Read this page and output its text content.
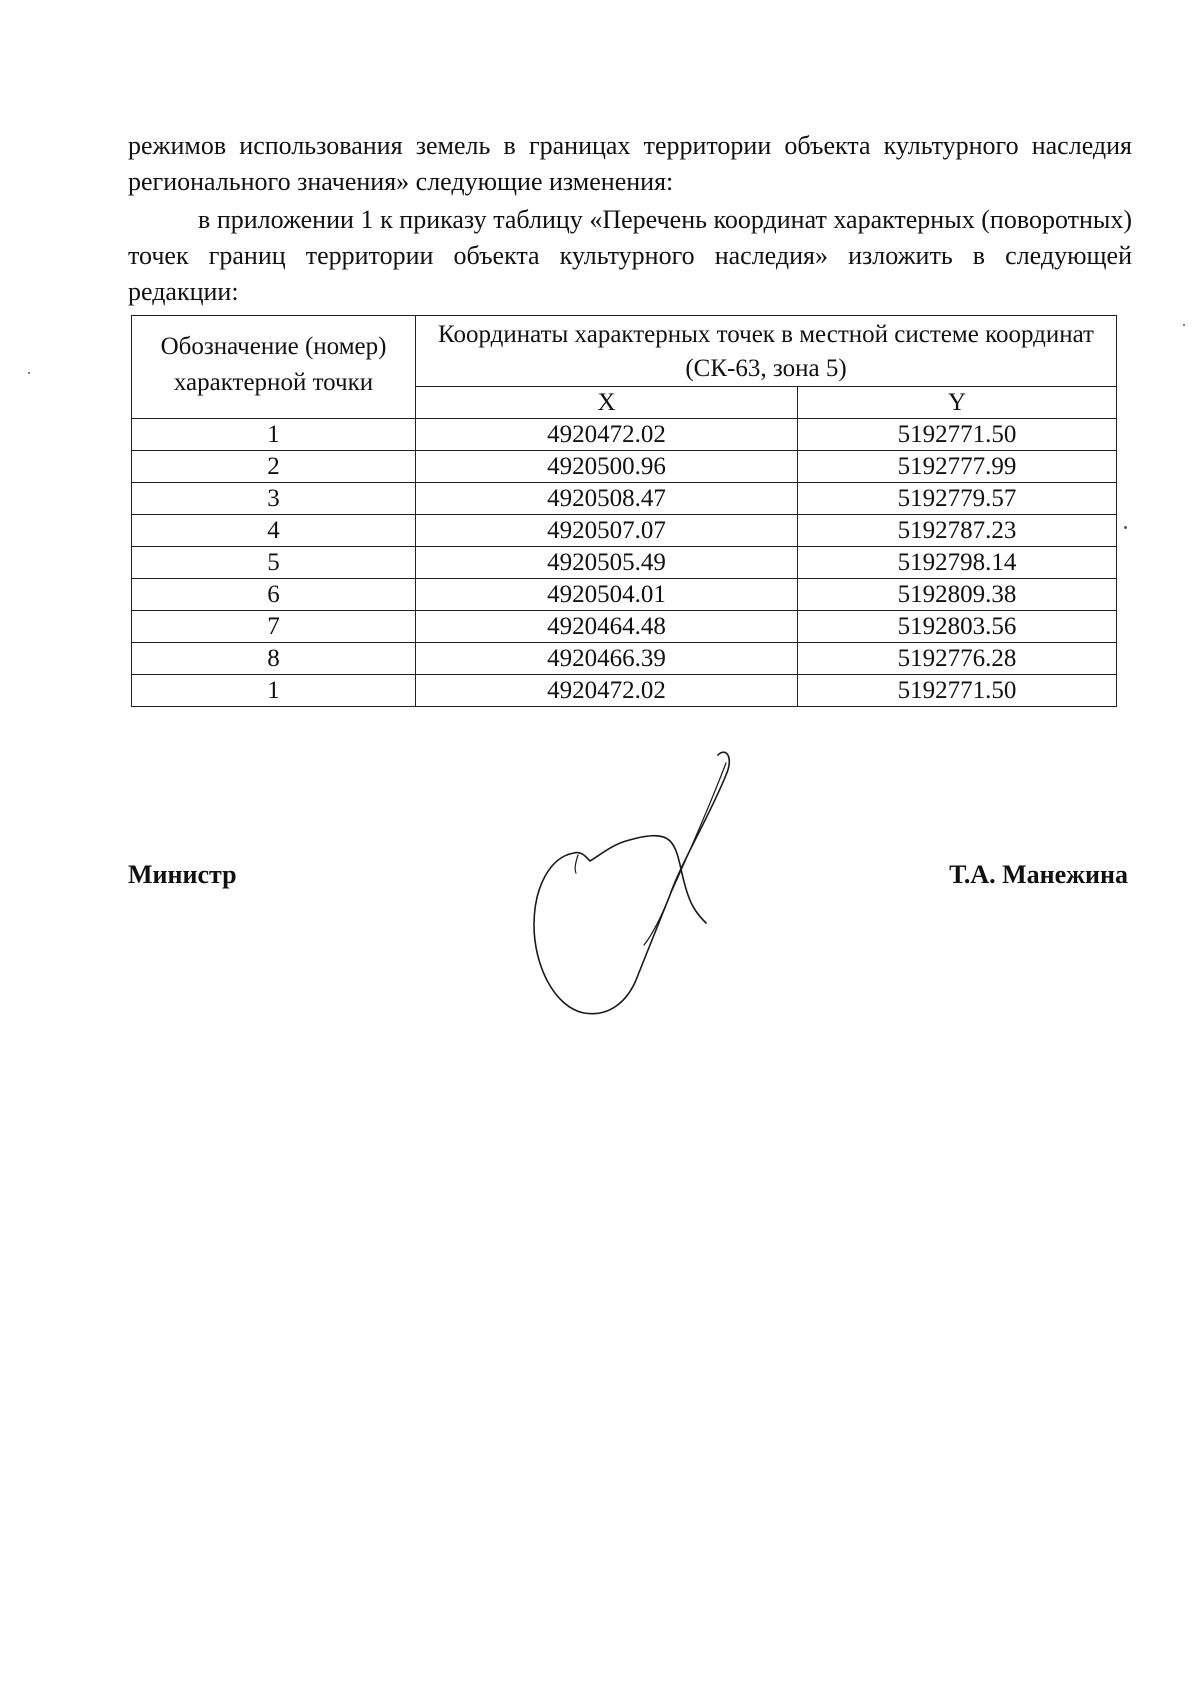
режимов использования земель в границах территории объекта культурного наследия регионального значения» следующие изменения:

в приложении 1 к приказу таблицу «Перечень координат характерных (поворотных) точек границ территории объекта культурного наследия» изложить в следующей редакции:

Обозначение (номер) характерной точки	Координаты характерных точек в местной системе координат (СК-63, зона 5)	
	X	Y
1	4920472.02	5192771.50
2	4920500.96	5192777.99
3	4920508.47	5192779.57
4	4920507.07	5192787.23
5	4920505.49	5192798.14
6	4920504.01	5192809.38
7	4920464.48	5192803.56
8	4920466.39	5192776.28
1	4920472.02	5192771.50
Министр	Т.А. Манежина
